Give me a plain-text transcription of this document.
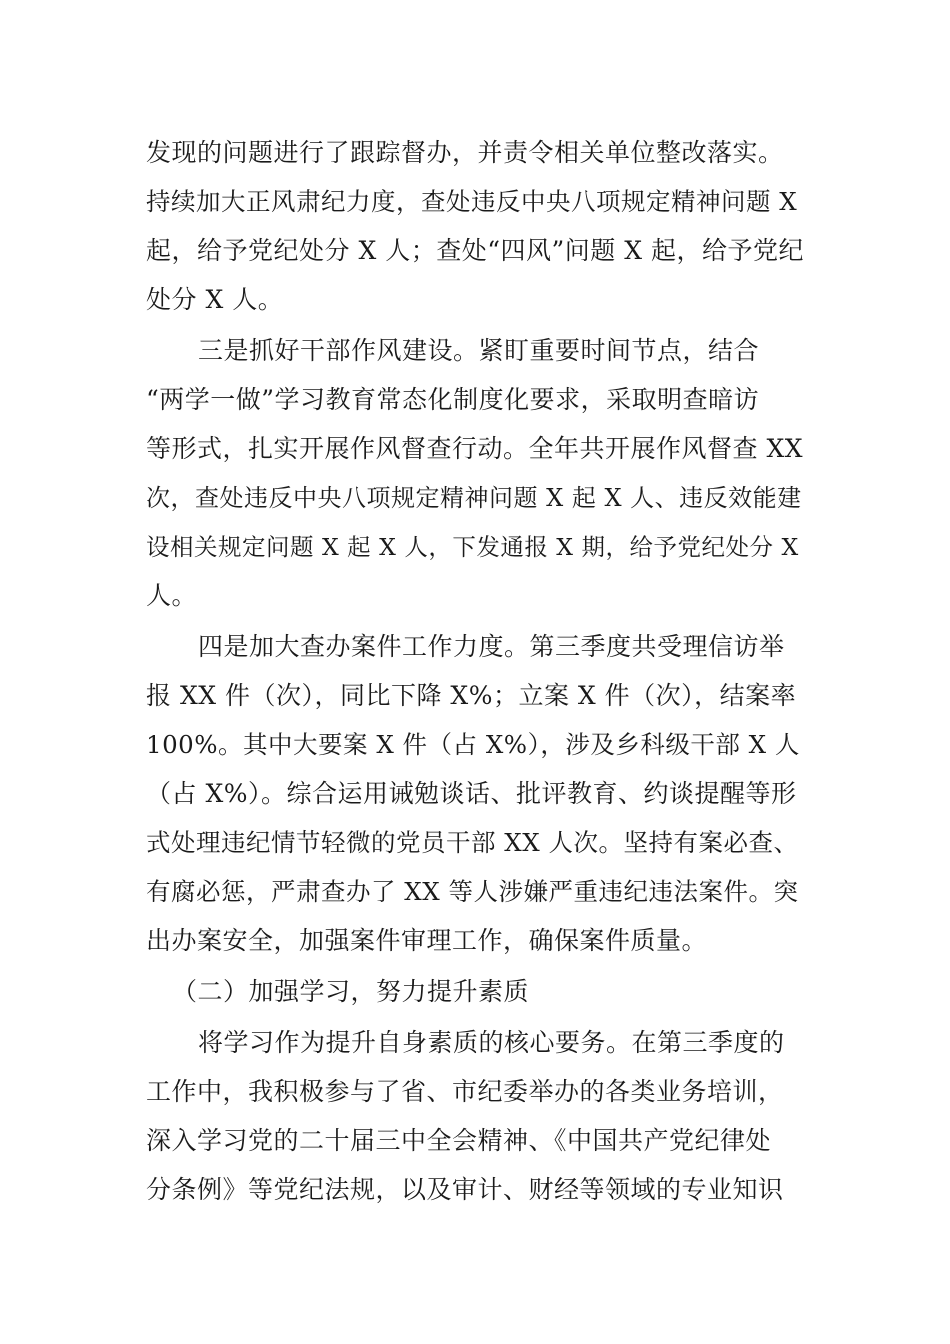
发现的问题进行了跟踪督办，并责令相关单位整改落实。
持续加大正风肃纪力度，查处违反中央八项规定精神问题 X
起，给予党纪处分 X 人；查处“四风”问题 X 起，给予党纪
处分 X 人。
三是抓好干部作风建设。紧盯重要时间节点，结合
“两学一做”学习教育常态化制度化要求，采取明查暗访
等形式，扎实开展作风督查行动。全年共开展作风督查 XX
次，查处违反中央八项规定精神问题 X 起 X 人、违反效能建
设相关规定问题 X 起 X 人，下发通报 X 期，给予党纪处分 X
人。
四是加大查办案件工作力度。第三季度共受理信访举
报 XX 件（次），同比下降 X%；立案 X 件（次），结案率
100%。其中大要案 X 件（占 X%），涉及乡科级干部 X 人
（占 X%）。综合运用诫勉谈话、批评教育、约谈提醒等形
式处理违纪情节轻微的党员干部 XX 人次。坚持有案必查、
有腐必惩，严肃查办了 XX 等人涉嫌严重违纪违法案件。突
出办案安全，加强案件审理工作，确保案件质量。
（二）加强学习，努力提升素质
将学习作为提升自身素质的核心要务。在第三季度的
工作中，我积极参与了省、市纪委举办的各类业务培训，
深入学习党的二十届三中全会精神、《中国共产党纪律处
分条例》等党纪法规，以及审计、财经等领域的专业知识
